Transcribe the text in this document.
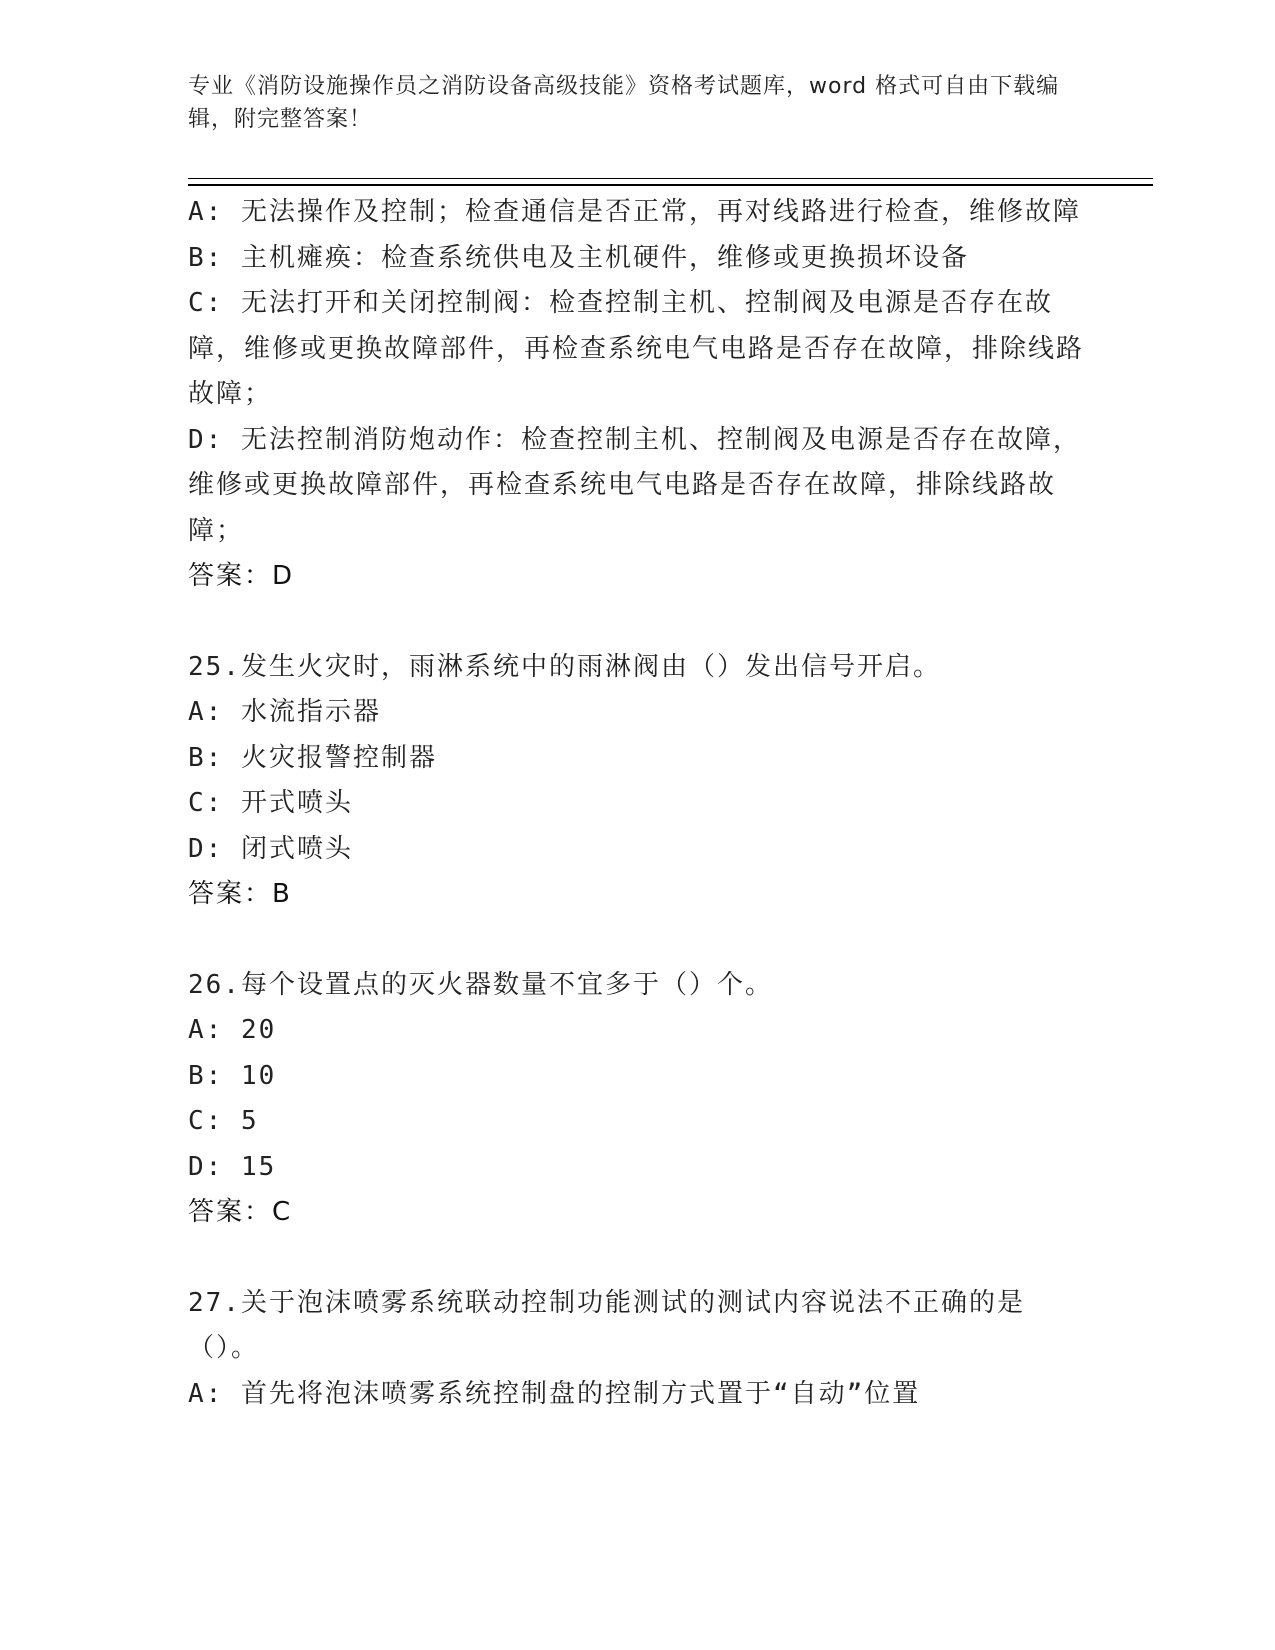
专业《消防设施操作员之消防设备高级技能》资格考试题库，word 格式可自由下载编辑，附完整答案！

A: 无法操作及控制；检查通信是否正常，再对线路进行检查，维修故障

B: 主机瘫痪：检查系统供电及主机硬件，维修或更换损坏设备

C: 无法打开和关闭控制阀：检查控制主机、控制阀及电源是否存在故障，维修或更换故障部件，再检查系统电气电路是否存在故障，排除线路故障；

D: 无法控制消防炮动作：检查控制主机、控制阀及电源是否存在故障，维修或更换故障部件，再检查系统电气电路是否存在故障，排除线路故障；

答案：D

25.发生火灾时，雨淋系统中的雨淋阀由（）发出信号开启。

A: 水流指示器

B: 火灾报警控制器

C: 开式喷头

D: 闭式喷头

答案：B

26.每个设置点的灭火器数量不宜多于（）个。

A: 20

B: 10

C: 5

D: 15

答案：C

27.关于泡沫喷雾系统联动控制功能测试的测试内容说法不正确的是（）。

A: 首先将泡沫喷雾系统控制盘的控制方式置于“自动”位置
